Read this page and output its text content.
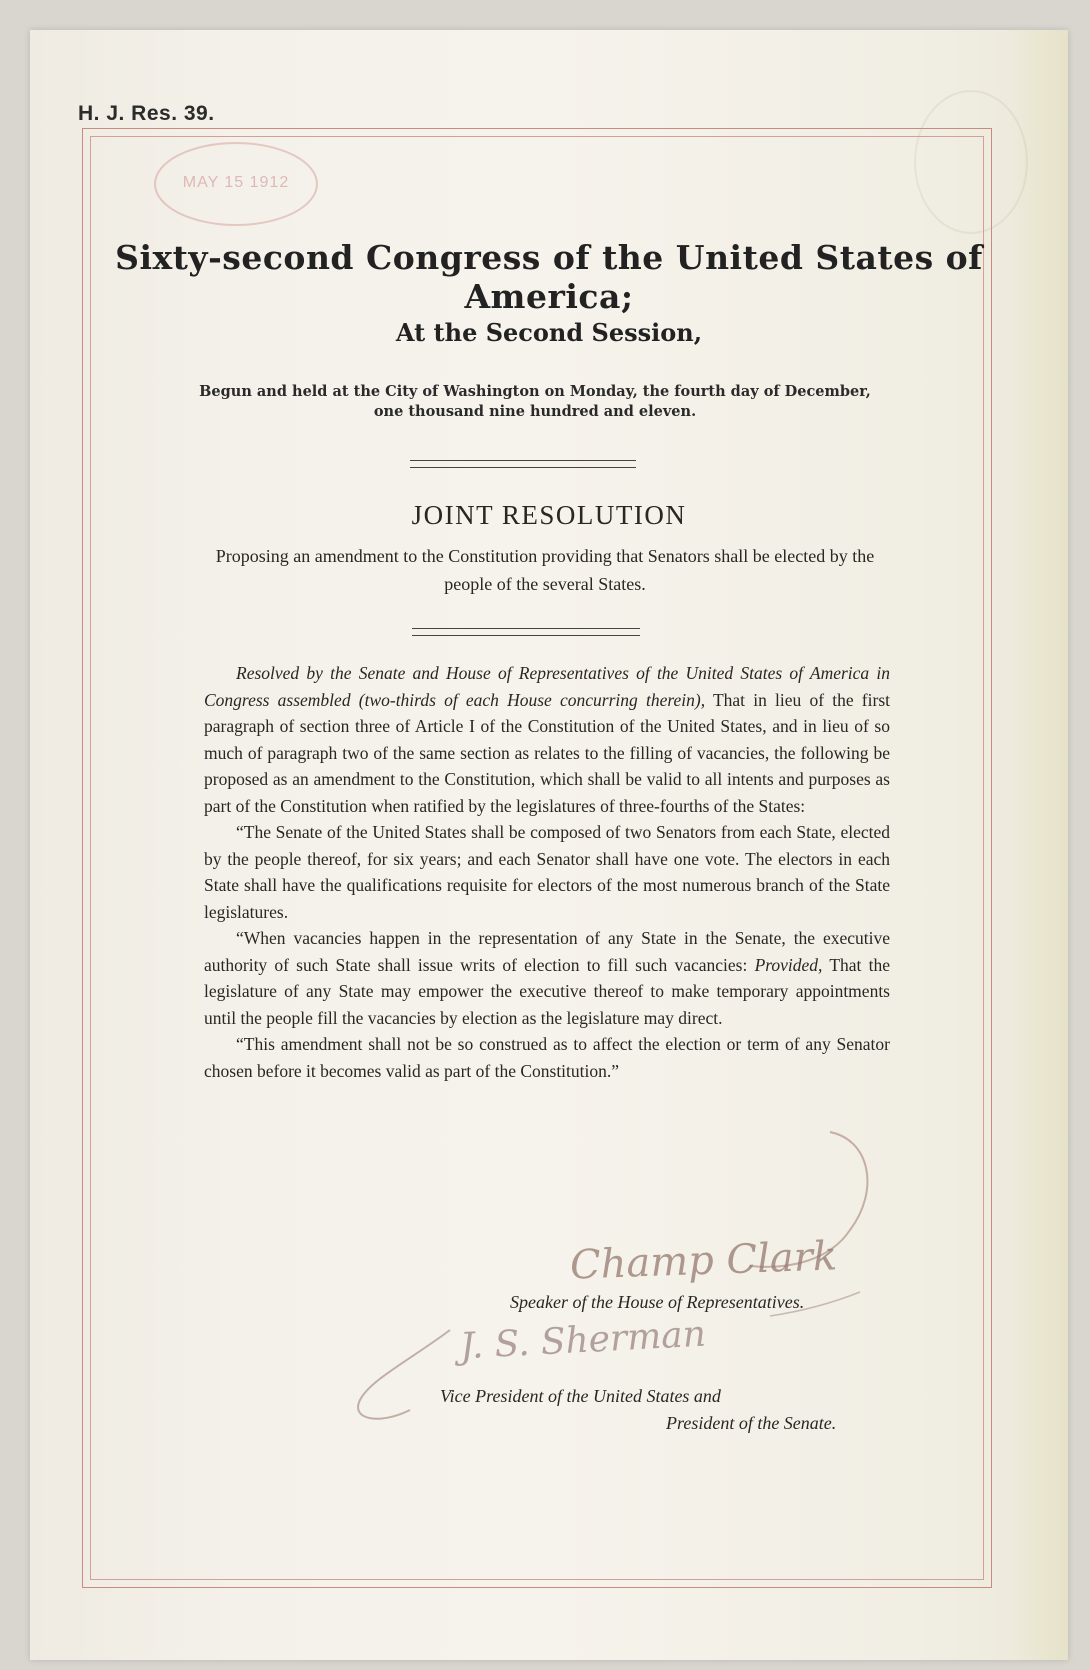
H. J. Res. 39.
MAY 15 1912
Sixty-second Congress of the United States of America;
At the Second Session,
Begun and held at the City of Washington on Monday, the fourth day of December,
one thousand nine hundred and eleven.
JOINT RESOLUTION
Proposing an amendment to the Constitution providing that Senators shall be elected by the people of the several States.

Resolved by the Senate and House of Representatives of the United States of America in Congress assembled (two-thirds of each House concurring therein), That in lieu of the first paragraph of section three of Article I of the Constitution of the United States, and in lieu of so much of paragraph two of the same section as relates to the filling of vacancies, the following be proposed as an amendment to the Constitution, which shall be valid to all intents and purposes as part of the Constitution when ratified by the legislatures of three-fourths of the States:

“The Senate of the United States shall be composed of two Senators from each State, elected by the people thereof, for six years; and each Senator shall have one vote. The electors in each State shall have the qualifications requisite for electors of the most numerous branch of the State legislatures.

“When vacancies happen in the representation of any State in the Senate, the executive authority of such State shall issue writs of election to fill such vacancies: Provided, That the legislature of any State may empower the executive thereof to make temporary appointments until the people fill the vacancies by election as the legislature may direct.

“This amendment shall not be so construed as to affect the election or term of any Senator chosen before it becomes valid as part of the Constitution.”

Champ Clark
Speaker of the House of Representatives.
J. S. Sherman
Vice President of the United States and
President of the Senate.
